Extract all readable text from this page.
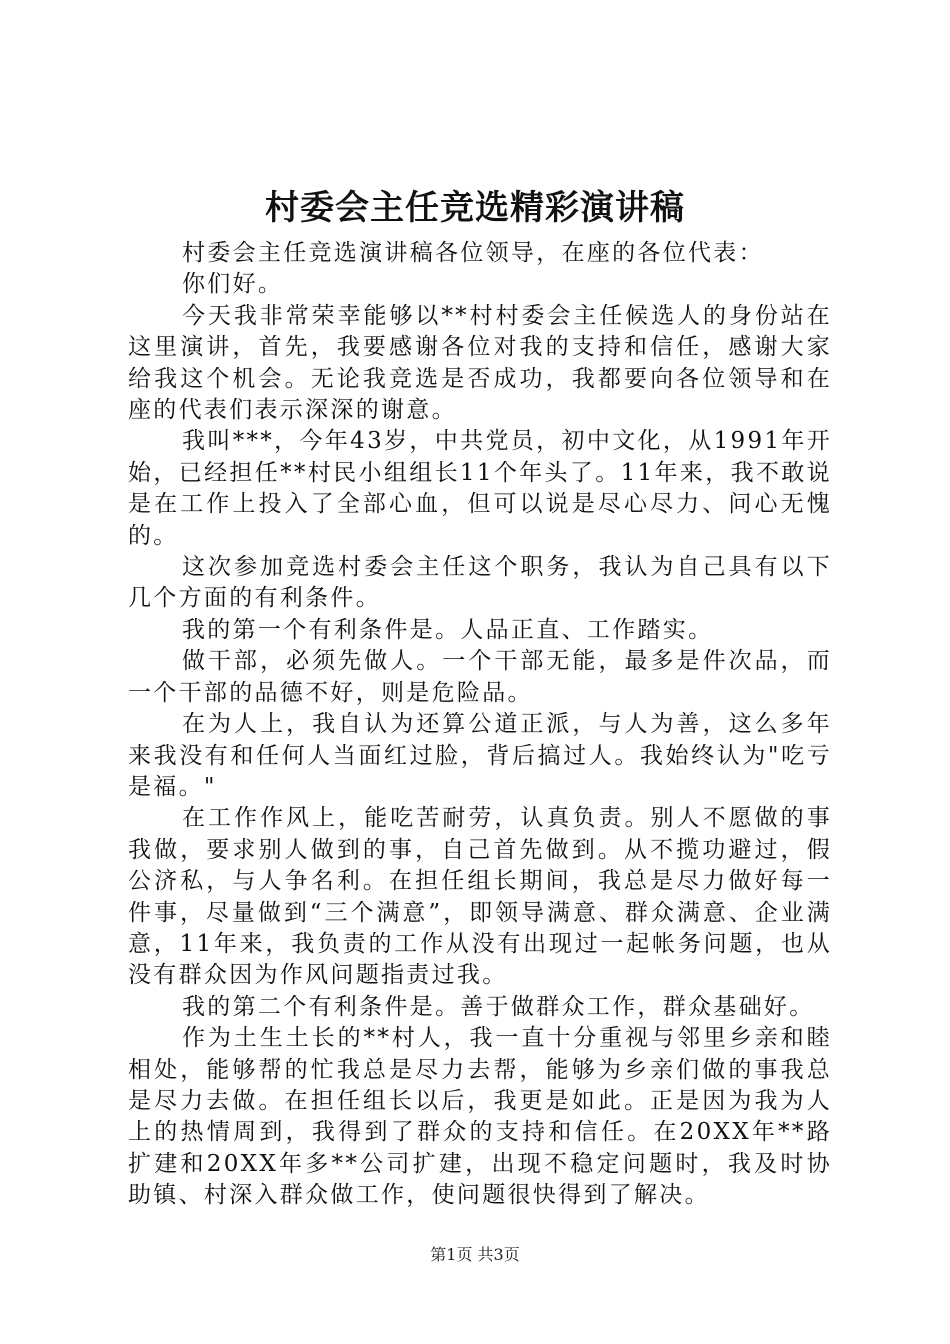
村委会主任竞选精彩演讲稿

村委会主任竞选演讲稿各位领导，在座的各位代表：

你们好。

今天我非常荣幸能够以**村村委会主任候选人的身份站在这里演讲，首先，我要感谢各位对我的支持和信任，感谢大家给我这个机会。无论我竞选是否成功，我都要向各位领导和在座的代表们表示深深的谢意。

我叫***，今年43岁，中共党员，初中文化，从1991年开始，已经担任**村民小组组长11个年头了。11年来，我不敢说是在工作上投入了全部心血，但可以说是尽心尽力、问心无愧的。

这次参加竞选村委会主任这个职务，我认为自己具有以下几个方面的有利条件。

我的第一个有利条件是。人品正直、工作踏实。

做干部，必须先做人。一个干部无能，最多是件次品，而一个干部的品德不好，则是危险品。

在为人上，我自认为还算公道正派，与人为善，这么多年来我没有和任何人当面红过脸，背后搞过人。我始终认为"吃亏是福。"

在工作作风上，能吃苦耐劳，认真负责。别人不愿做的事我做，要求别人做到的事，自己首先做到。从不揽功避过，假公济私，与人争名利。在担任组长期间，我总是尽力做好每一件事，尽量做到“三个满意”，即领导满意、群众满意、企业满意，11年来，我负责的工作从没有出现过一起帐务问题，也从没有群众因为作风问题指责过我。

我的第二个有利条件是。善于做群众工作，群众基础好。

作为土生土长的**村人，我一直十分重视与邻里乡亲和睦相处，能够帮的忙我总是尽力去帮，能够为乡亲们做的事我总是尽力去做。在担任组长以后，我更是如此。正是因为我为人上的热情周到，我得到了群众的支持和信任。在20XX年**路扩建和20XX年多**公司扩建，出现不稳定问题时，我及时协助镇、村深入群众做工作，使问题很快得到了解决。

第1页 共3页
